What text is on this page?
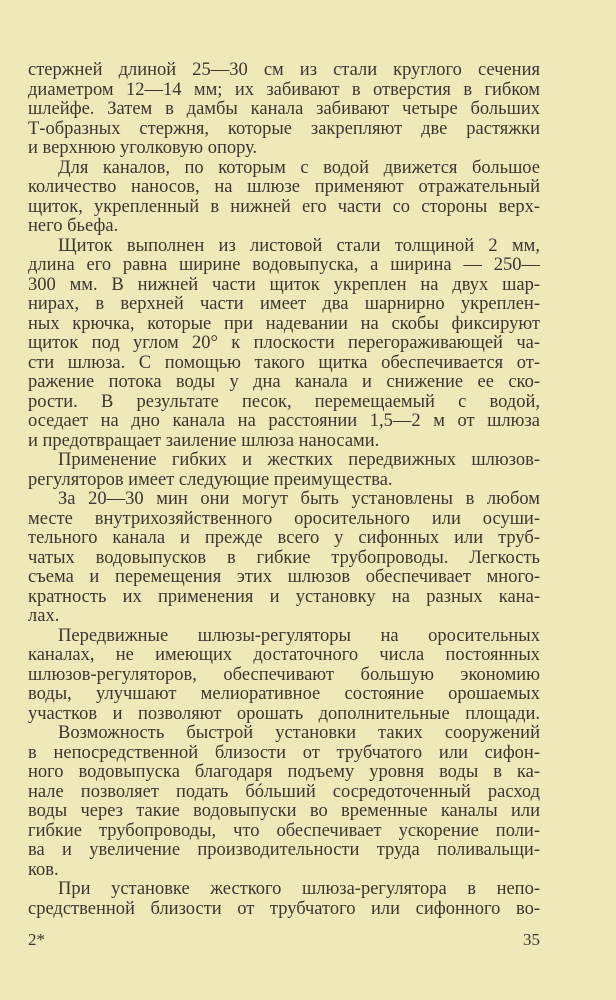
стержней длиной 25—30 см из стали круглого сечения
диаметром 12—14 мм; их забивают в отверстия в гибком
шлейфе. Затем в дамбы канала забивают четыре больших
Т-образных стержня, которые закрепляют две растяжки
и верхнюю уголковую опору.
Для каналов, по которым с водой движется большое
количество наносов, на шлюзе применяют отражательный
щиток, укрепленный в нижней его части со стороны верх-
него бьефа.
Щиток выполнен из листовой стали толщиной 2 мм,
длина его равна ширине водовыпуска, а ширина — 250—
300 мм. В нижней части щиток укреплен на двух шар-
нирах, в верхней части имеет два шарнирно укреплен-
ных крючка, которые при надевании на скобы фиксируют
щиток под углом 20° к плоскости перегораживающей ча-
сти шлюза. С помощью такого щитка обеспечивается от-
ражение потока воды у дна канала и снижение ее ско-
рости. В результате песок, перемещаемый с водой,
оседает на дно канала на расстоянии 1,5—2 м от шлюза
и предотвращает заиление шлюза наносами.
Применение гибких и жестких передвижных шлюзов-
регуляторов имеет следующие преимущества.
За 20—30 мин они могут быть установлены в любом
месте внутрихозяйственного оросительного или осуши-
тельного канала и прежде всего у сифонных или труб-
чатых водовыпусков в гибкие трубопроводы. Легкость
съема и перемещения этих шлюзов обеспечивает много-
кратность их применения и установку на разных кана-
лах.
Передвижные шлюзы-регуляторы на оросительных
каналах, не имеющих достаточного числа постоянных
шлюзов-регуляторов, обеспечивают большую экономию
воды, улучшают мелиоративное состояние орошаемых
участков и позволяют орошать дополнительные площади.
Возможность быстрой установки таких сооружений
в непосредственной близости от трубчатого или сифон-
ного водовыпуска благодаря подъему уровня воды в ка-
нале позволяет подать бóльший сосредоточенный расход
воды через такие водовыпуски во временные каналы или
гибкие трубопроводы, что обеспечивает ускорение поли-
ва и увеличение производительности труда поливальщи-
ков.
При установке жесткого шлюза-регулятора в непо-
средственной близости от трубчатого или сифонного во-
2*	35
